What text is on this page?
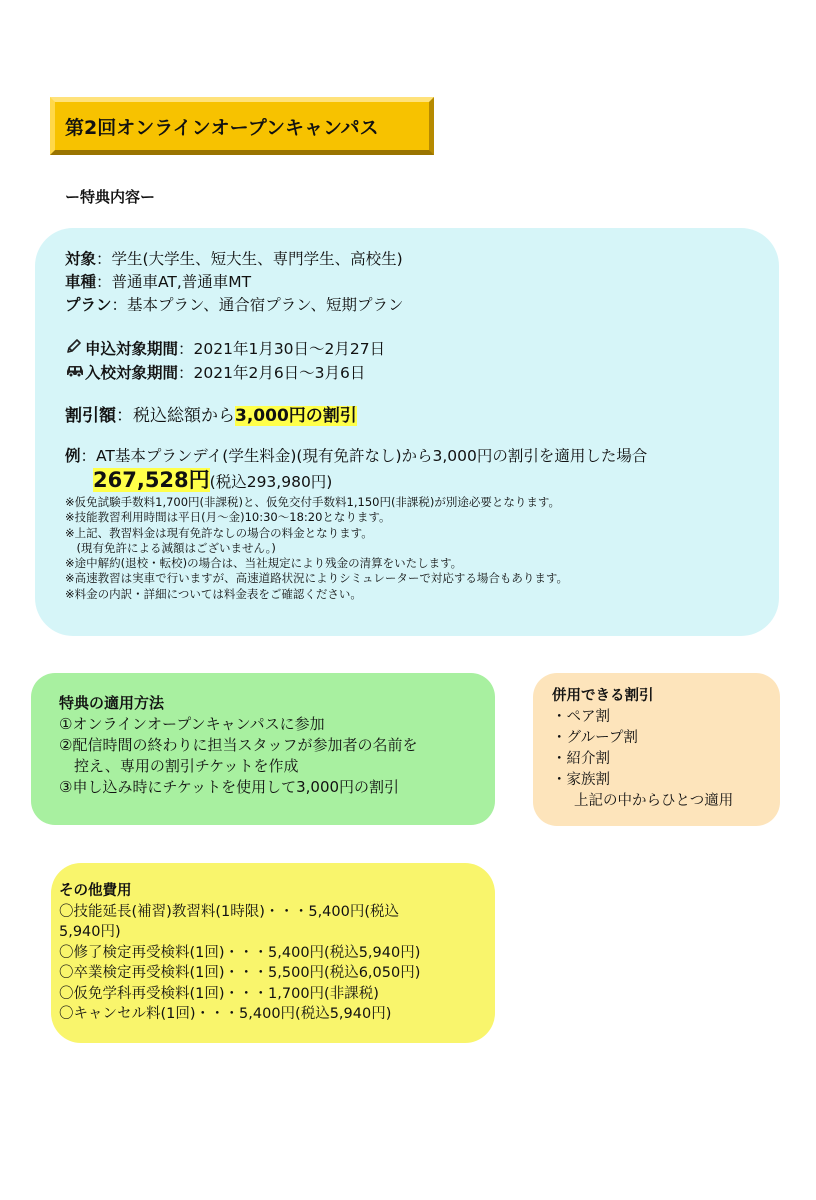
第2回オンラインオープンキャンパス
ー特典内容ー
対象：学生(大学生、短大生、専門学生、高校生)
車種：普通車AT,普通車MT
プラン：基本プラン、通合宿プラン、短期プラン
申込対象期間：2021年1月30日～2月27日
入校対象期間：2021年2月6日～3月6日
割引額：税込総額から3,000円の割引
例：AT基本プランデイ(学生料金)(現有免許なし)から3,000円の割引を適用した場合
267,528円(税込293,980円)
※仮免試験手数料1,700円(非課税)と、仮免交付手数料1,150円(非課税)が別途必要となります。
※技能教習利用時間は平日(月～金)10:30～18:20となります。
※上記、教習料金は現有免許なしの場合の料金となります。
　(現有免許による減額はございません。)
※途中解約(退校・転校)の場合は、当社規定により残金の清算をいたします。
※高速教習は実車で行いますが、高速道路状況によりシミュレーターで対応する場合もあります。
※料金の内訳・詳細については料金表をご確認ください。
特典の適用方法
①オンラインオープンキャンパスに参加
②配信時間の終わりに担当スタッフが参加者の名前を
　控え、専用の割引チケットを作成
③申し込み時にチケットを使用して3,000円の割引
併用できる割引
・ペア割
・グループ割
・紹介割
・家族割
上記の中からひとつ適用
その他費用
〇技能延長(補習)教習料(1時限)・・・5,400円(税込
5,940円)
〇修了検定再受検料(1回)・・・5,400円(税込5,940円)
〇卒業検定再受検料(1回)・・・5,500円(税込6,050円)
〇仮免学科再受検料(1回)・・・1,700円(非課税)
〇キャンセル料(1回)・・・5,400円(税込5,940円)
